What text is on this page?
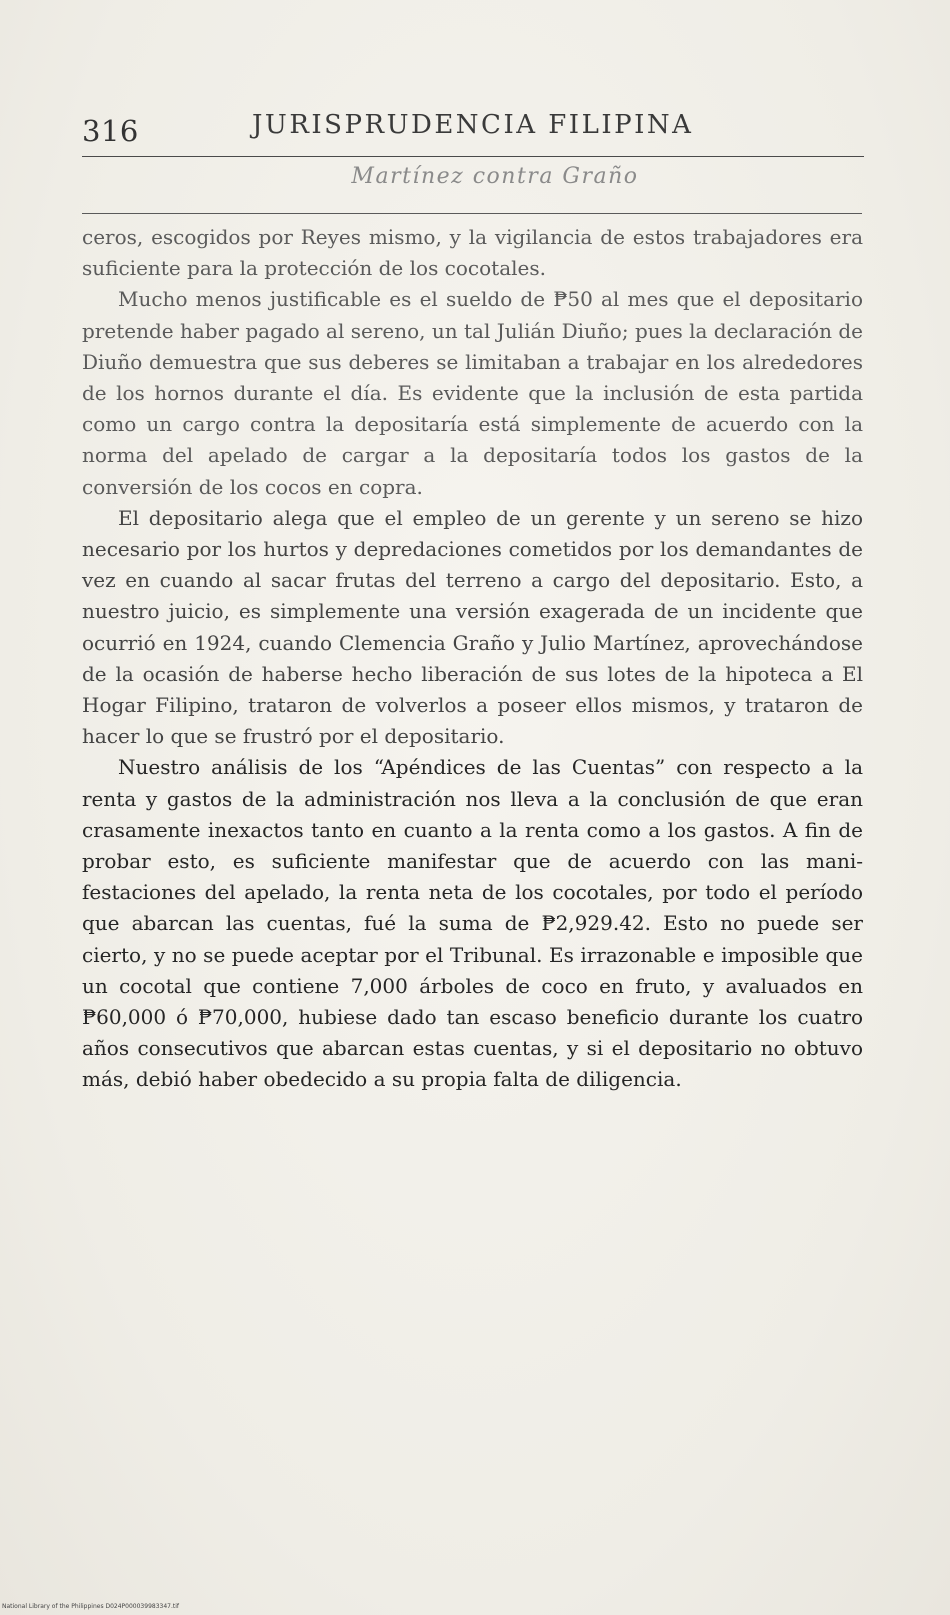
316	JURISPRUDENCIA FILIPINA
Martínez contra Graño

ceros, escogidos por Reyes mismo, y la vigilancia de estos trabajadores era suficiente para la protección de los cocotales.

Mucho menos justificable es el sueldo de ₱50 al mes que el depositario pretende haber pagado al sereno, un tal Julián Diuño; pues la declaración de Diuño demuestra que sus deberes se limitaban a trabajar en los alrededores de los hornos durante el día. Es evidente que la inclusión de esta partida como un cargo contra la depositaría está simplemente de acuerdo con la norma del apelado de cargar a la depositaría todos los gastos de la conversión de los cocos en copra.

El depositario alega que el empleo de un gerente y un sereno se hizo necesario por los hurtos y depredaciones cometidos por los demandantes de vez en cuando al sacar frutas del terreno a cargo del depositario. Esto, a nuestro juicio, es simplemente una versión exagerada de un incidente que ocurrió en 1924, cuando Clemencia Graño y Julio Martínez, aprovechándose de la ocasión de haberse hecho liberación de sus lotes de la hipoteca a El Hogar Filipino, trataron de volverlos a poseer ellos mismos, y trataron de hacer lo que se frustró por el depositario.

Nuestro análisis de los “Apéndices de las Cuentas” con respecto a la renta y gastos de la administración nos lleva a la conclusión de que eran crasamente inexactos tanto en cuanto a la renta como a los gastos. A fin de probar esto, es suficiente manifestar que de acuerdo con las manifestaciones del apelado, la renta neta de los cocotales, por todo el período que abarcan las cuentas, fué la suma de ₱2,929.42. Esto no puede ser cierto, y no se puede aceptar por el Tribunal. Es irrazonable e imposible que un cocotal que contiene 7,000 árboles de coco en fruto, y avaluados en ₱60,000 ó ₱70,000, hubiese dado tan escaso beneficio durante los cuatro años consecutivos que abarcan estas cuentas, y si el depositario no obtuvo más, debió haber obedecido a su propia falta de diligencia.

National Library of the Philippines D024P000039983347.tif
